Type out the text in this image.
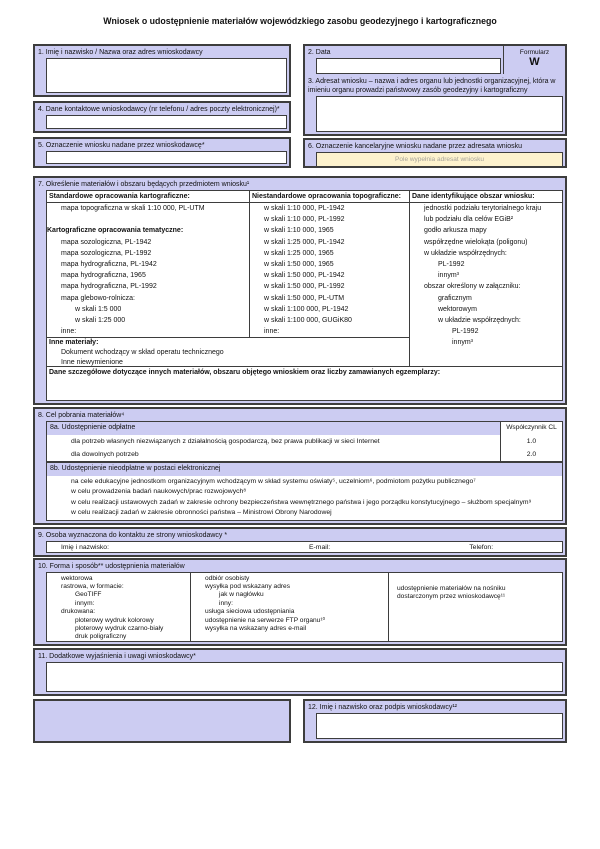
Wniosek o udostępnienie materiałów wojewódzkiego zasobu geodezyjnego i kartograficznego
1. Imię i nazwisko / Nazwa oraz adres wnioskodawcy
4. Dane kontaktowe wnioskodawcy (nr telefonu / adres poczty elektronicznej)*
5. Oznaczenie wniosku nadane przez wnioskodawcę*
2. Data	Formularz
W
3. Adresat wniosku – nazwa i adres organu lub jednostki organizacyjnej, która w imieniu organu prowadzi państwowy zasób geodezyjny i kartograficzny
6. Oznaczenie kancelaryjne wniosku nadane przez adresata wniosku
Pole wypełnia adresat wniosku
7. Określenie materiałów i obszaru będących przedmiotem wniosku¹
Standardowe opracowania kartograficzne:
mapa topograficzna w skali 1:10 000, PL-UTM

Kartograficzne opracowania tematyczne:
mapa sozologiczna, PL-1942
mapa sozologiczna, PL-1992
mapa hydrograficzna, PL-1942
mapa hydrograficzna, 1965
mapa hydrograficzna, PL-1992
mapa glebowo-rolnicza:
w skali 1:5 000
w skali 1:25 000
inne:
Niestandardowe opracowania topograficzne:
w skali 1:10 000, PL-1942
w skali 1:10 000, PL-1992
w skali 1:10 000, 1965
w skali 1:25 000, PL-1942
w skali 1:25 000, 1965
w skali 1:50 000, 1965
w skali 1:50 000, PL-1942
w skali 1:50 000, PL-1992
w skali 1:50 000, PL-UTM
w skali 1:100 000, PL-1942
w skali 1:100 000, GUGiK80
inne:
Inne materiały:
Dokument wchodzący w skład operatu technicznego
Inne niewymienione
Dane identyfikujące obszar wniosku:
jednostki podziału terytorialnego kraju
lub podziału dla celów EGiB²
godło arkusza mapy
współrzędne wielokąta (poligonu)
w układzie współrzędnych:
PL-1992
innym³
obszar określony w załączniku:
graficznym
wektorowym
w układzie współrzędnych:
PL-1992
innym³
Dane szczegółowe dotyczące innych materiałów, obszaru objętego wnioskiem oraz liczby zamawianych egzemplarzy:
8. Cel pobrania materiałów⁴
8a. Udostępnienie odpłatne	Współczynnik CL
dla potrzeb własnych niezwiązanych z działalnością gospodarczą, bez prawa publikacji w sieci Internet	1.0
dla dowolnych potrzeb	2.0
8b. Udostępnienie nieodpłatne w postaci elektronicznej
na cele edukacyjne jednostkom organizacyjnym wchodzącym w skład systemu oświaty⁵, uczelniom⁶, podmiotom pożytku publicznego⁷
w celu prowadzenia badań naukowych/prac rozwojowych⁸
w celu realizacji ustawowych zadań w zakresie ochrony bezpieczeństwa wewnętrznego państwa i jego porządku konstytucyjnego – służbom specjalnym⁹
w celu realizacji zadań w zakresie obronności państwa – Ministrowi Obrony Narodowej
9. Osoba wyznaczona do kontaktu ze strony wnioskodawcy *
Imię i nazwisko:	E-mail:	Telefon:
10. Forma i sposób** udostępnienia materiałów
wektorowa
rastrowa, w formacie:
GeoTIFF
innym:
drukowana:
ploterowy wydruk kolorowy
ploterowy wydruk czarno-biały
druk poligraficzny
odbiór osobisty
wysyłka pod wskazany adres
jak w nagłówku
inny:
usługa sieciowa udostępniania
udostępnienie na serwerze FTP organu¹⁰
wysyłka na wskazany adres e-mail
udostępnienie materiałów na nośniku
dostarczonym przez wnioskodawcę¹¹
11. Dodatkowe wyjaśnienia i uwagi wnioskodawcy*
12. Imię i nazwisko oraz podpis wnioskodawcy¹²
